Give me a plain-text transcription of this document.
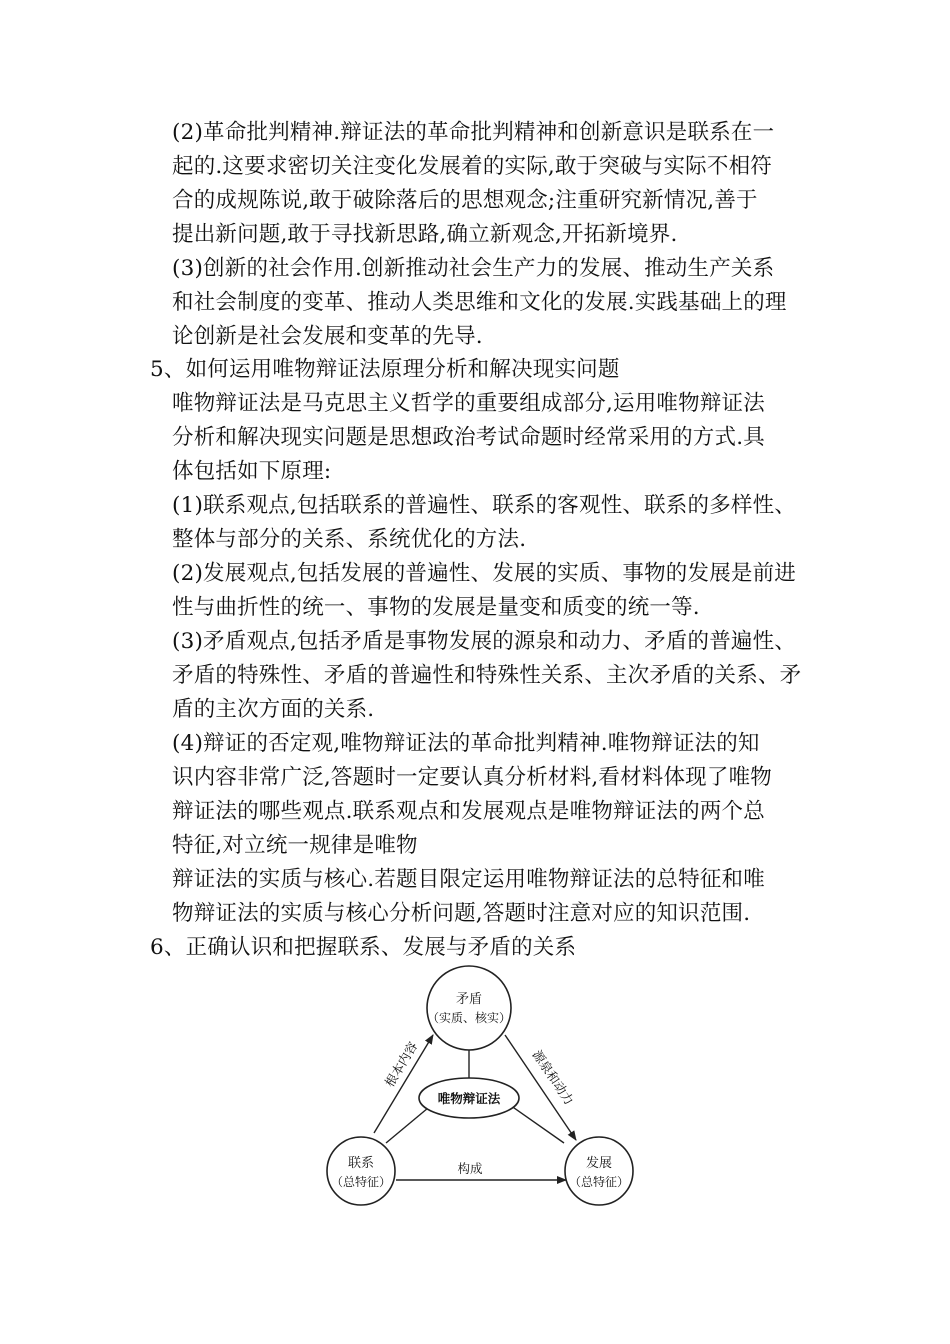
(2)革命批判精神.辩证法的革命批判精神和创新意识是联系在一
起的.这要求密切关注变化发展着的实际,敢于突破与实际不相符
合的成规陈说,敢于破除落后的思想观念;注重研究新情况,善于
提出新问题,敢于寻找新思路,确立新观念,开拓新境界.
(3)创新的社会作用.创新推动社会生产力的发展、推动生产关系
和社会制度的变革、推动人类思维和文化的发展.实践基础上的理
论创新是社会发展和变革的先导.
5、如何运用唯物辩证法原理分析和解决现实问题
唯物辩证法是马克思主义哲学的重要组成部分,运用唯物辩证法
分析和解决现实问题是思想政治考试命题时经常采用的方式.具
体包括如下原理:
(1)联系观点,包括联系的普遍性、联系的客观性、联系的多样性、
整体与部分的关系、系统优化的方法.
(2)发展观点,包括发展的普遍性、发展的实质、事物的发展是前进
性与曲折性的统一、事物的发展是量变和质变的统一等.
(3)矛盾观点,包括矛盾是事物发展的源泉和动力、矛盾的普遍性、
矛盾的特殊性、矛盾的普遍性和特殊性关系、主次矛盾的关系、矛
盾的主次方面的关系.
(4)辩证的否定观,唯物辩证法的革命批判精神.唯物辩证法的知
识内容非常广泛,答题时一定要认真分析材料,看材料体现了唯物
辩证法的哪些观点.联系观点和发展观点是唯物辩证法的两个总
特征,对立统一规律是唯物
辩证法的实质与核心.若题目限定运用唯物辩证法的总特征和唯
物辩证法的实质与核心分析问题,答题时注意对应的知识范围.
6、正确认识和把握联系、发展与矛盾的关系
矛盾
（实质、核实）
唯物辩证法
联系
（总特征）
发展
（总特征）
根本内容	源泉和动力
构成
